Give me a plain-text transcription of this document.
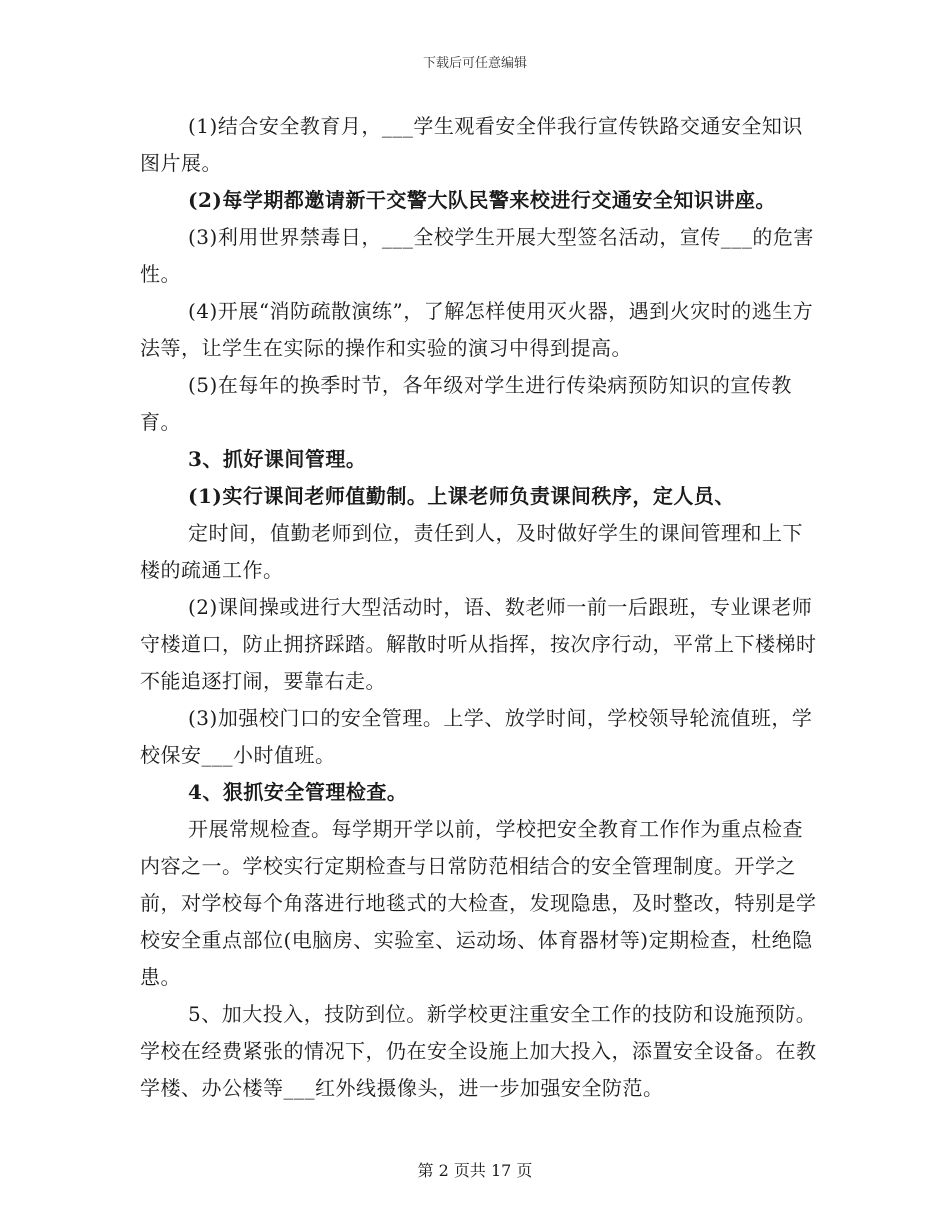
下载后可任意编辑

(1)结合安全教育月，___学生观看安全伴我行宣传铁路交通安全知识图片展。

(2)每学期都邀请新干交警大队民警来校进行交通安全知识讲座。

(3)利用世界禁毒日，___全校学生开展大型签名活动，宣传___的危害性。

(4)开展“消防疏散演练”，了解怎样使用灭火器，遇到火灾时的逃生方法等，让学生在实际的操作和实验的演习中得到提高。

(5)在每年的换季时节，各年级对学生进行传染病预防知识的宣传教育。

3、抓好课间管理。

(1)实行课间老师值勤制。上课老师负责课间秩序，定人员、

定时间，值勤老师到位，责任到人，及时做好学生的课间管理和上下楼的疏通工作。

(2)课间操或进行大型活动时，语、数老师一前一后跟班，专业课老师守楼道口，防止拥挤踩踏。解散时听从指挥，按次序行动，平常上下楼梯时不能追逐打闹，要靠右走。

(3)加强校门口的安全管理。上学、放学时间，学校领导轮流值班，学校保安___小时值班。

4、狠抓安全管理检查。

开展常规检查。每学期开学以前，学校把安全教育工作作为重点检查内容之一。学校实行定期检查与日常防范相结合的安全管理制度。开学之前，对学校每个角落进行地毯式的大检查，发现隐患，及时整改，特别是学校安全重点部位(电脑房、实验室、运动场、体育器材等)定期检查，杜绝隐患。

5、加大投入，技防到位。新学校更注重安全工作的技防和设施预防。学校在经费紧张的情况下，仍在安全设施上加大投入，添置安全设备。在教学楼、办公楼等___红外线摄像头，进一步加强安全防范。

第 2 页共 17 页
